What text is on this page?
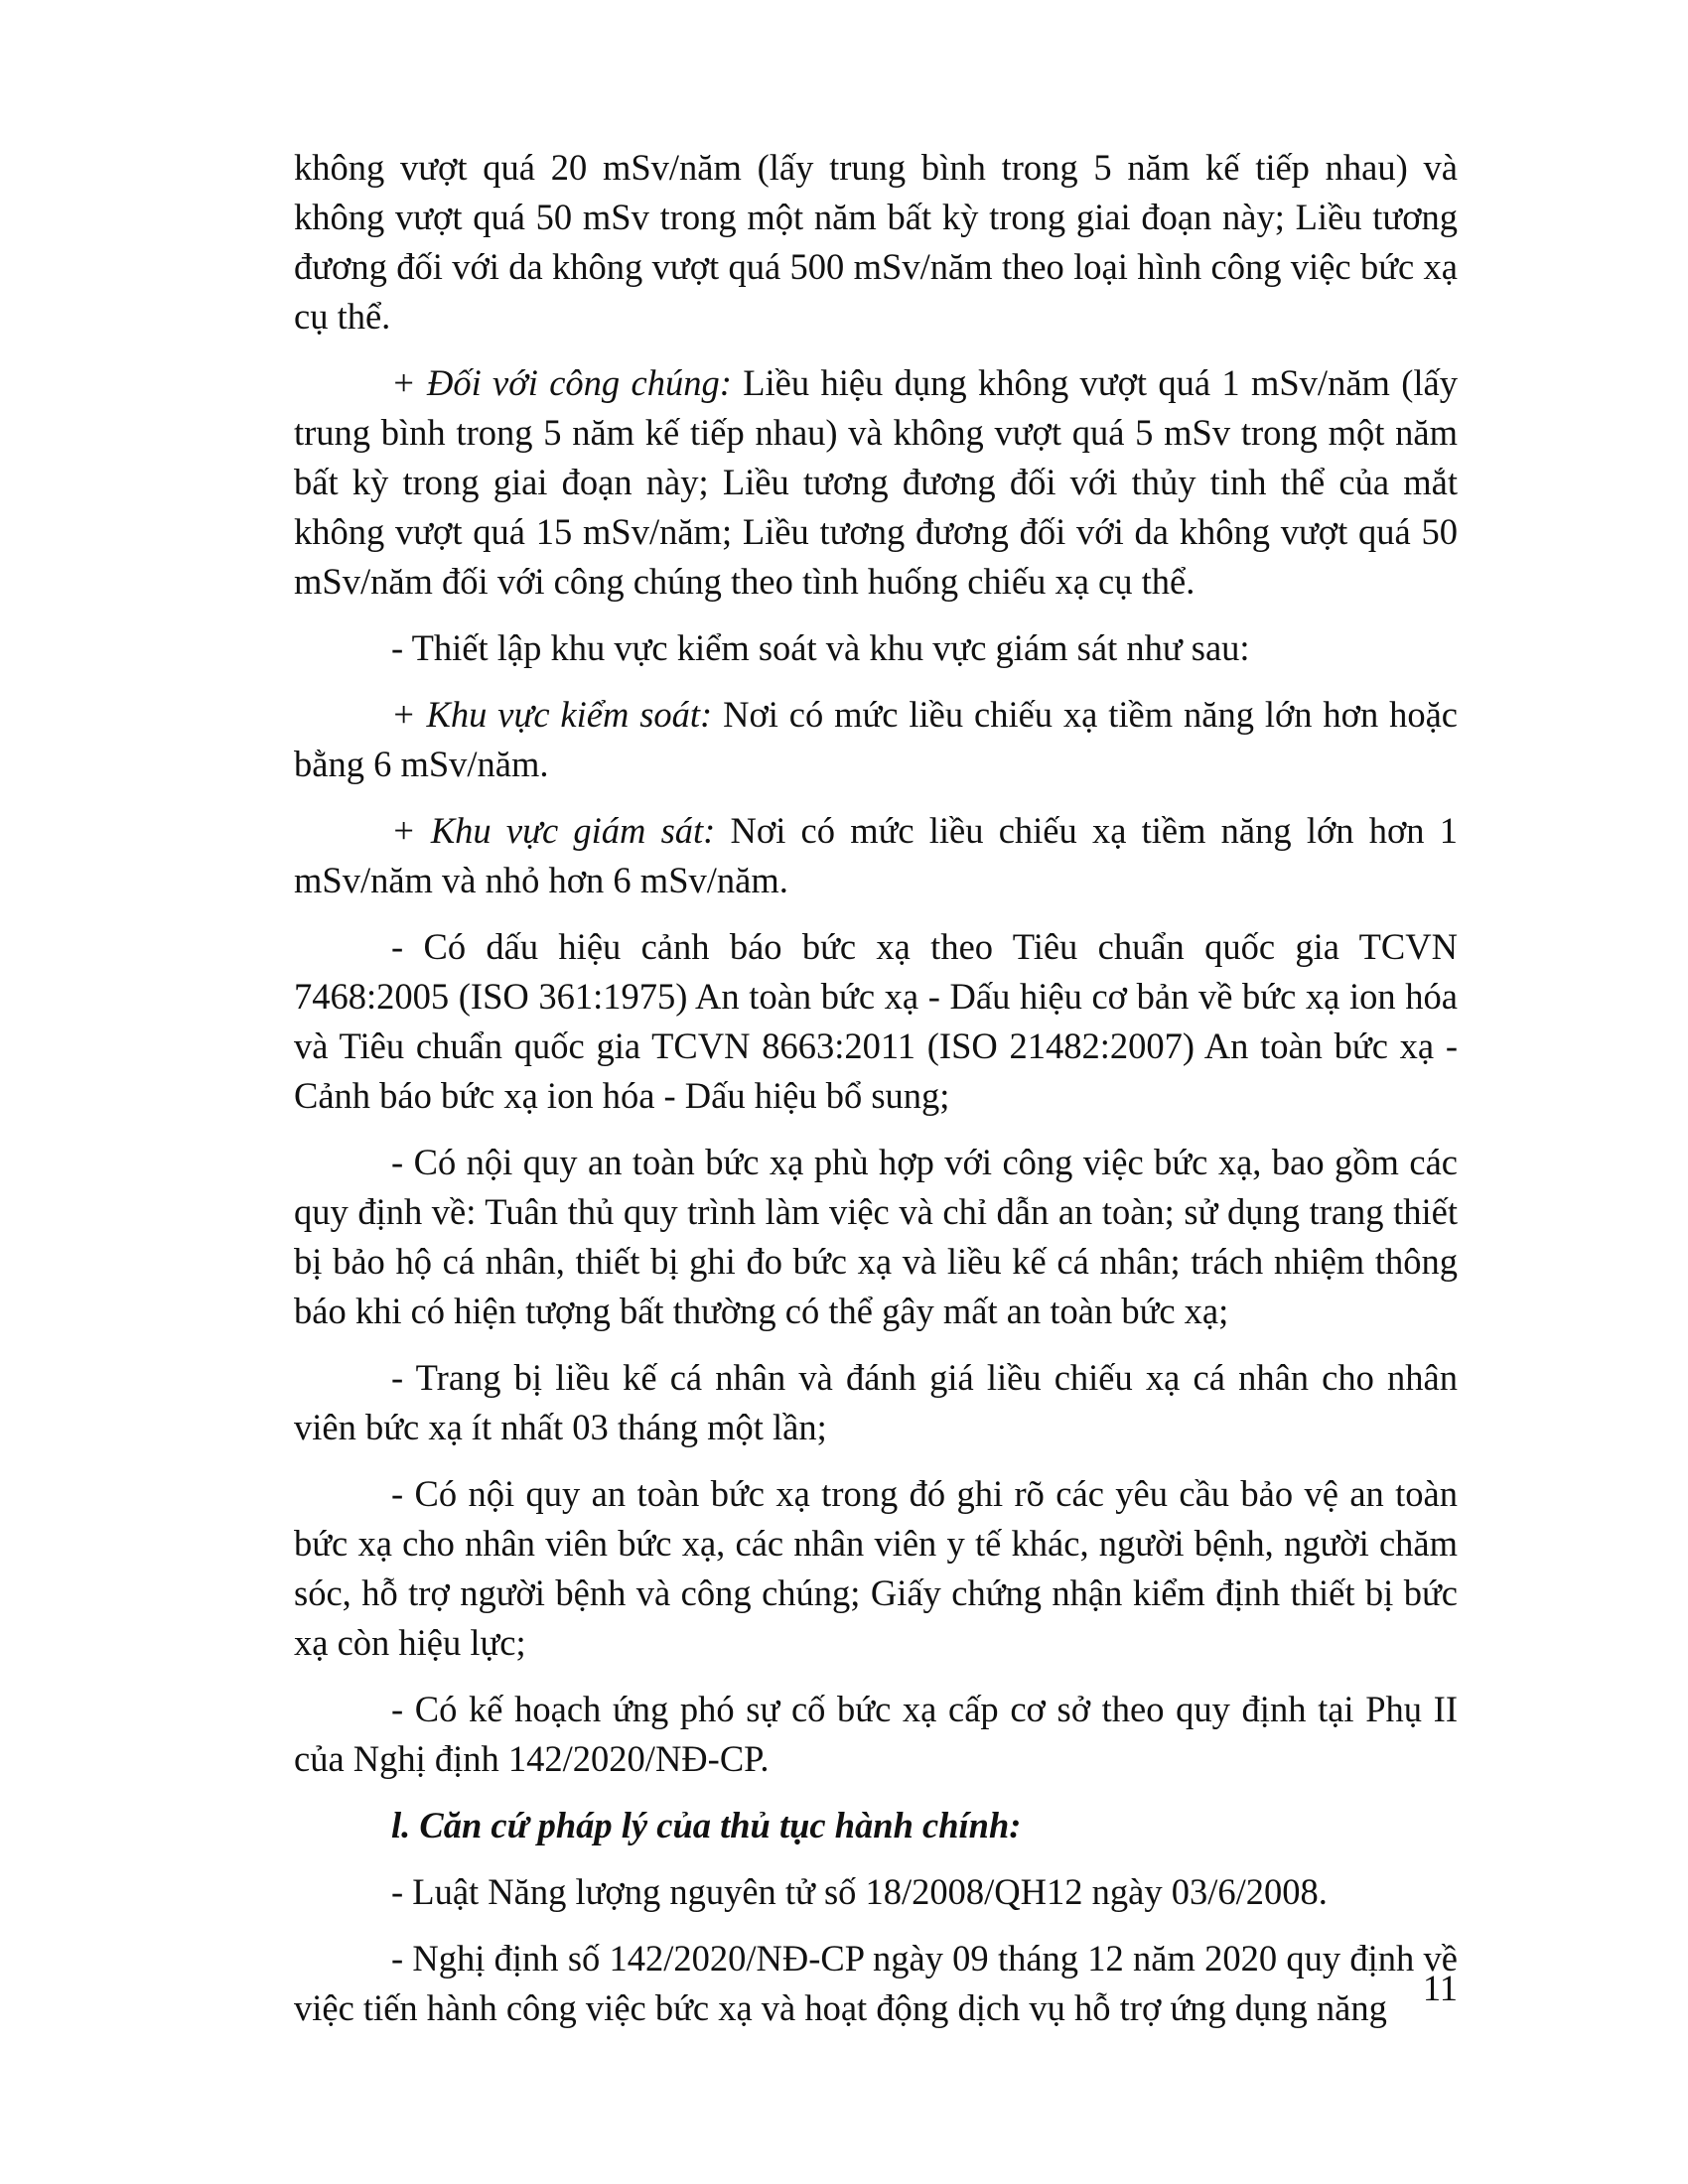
không vượt quá 20 mSv/năm (lấy trung bình trong 5 năm kế tiếp nhau) và không vượt quá 50 mSv trong một năm bất kỳ trong giai đoạn này; Liều tương đương đối với da không vượt quá 500 mSv/năm theo loại hình công việc bức xạ cụ thể.

+ Đối với công chúng: Liều hiệu dụng không vượt quá 1 mSv/năm (lấy trung bình trong 5 năm kế tiếp nhau) và không vượt quá 5 mSv trong một năm bất kỳ trong giai đoạn này; Liều tương đương đối với thủy tinh thể của mắt không vượt quá 15 mSv/năm; Liều tương đương đối với da không vượt quá 50 mSv/năm đối với công chúng theo tình huống chiếu xạ cụ thể.

- Thiết lập khu vực kiểm soát và khu vực giám sát như sau:

+ Khu vực kiểm soát: Nơi có mức liều chiếu xạ tiềm năng lớn hơn hoặc bằng 6 mSv/năm.

+ Khu vực giám sát: Nơi có mức liều chiếu xạ tiềm năng lớn hơn 1 mSv/năm và nhỏ hơn 6 mSv/năm.

- Có dấu hiệu cảnh báo bức xạ theo Tiêu chuẩn quốc gia TCVN 7468:2005 (ISO 361:1975) An toàn bức xạ - Dấu hiệu cơ bản về bức xạ ion hóa và Tiêu chuẩn quốc gia TCVN 8663:2011 (ISO 21482:2007) An toàn bức xạ - Cảnh báo bức xạ ion hóa - Dấu hiệu bổ sung;

- Có nội quy an toàn bức xạ phù hợp với công việc bức xạ, bao gồm các quy định về: Tuân thủ quy trình làm việc và chỉ dẫn an toàn; sử dụng trang thiết bị bảo hộ cá nhân, thiết bị ghi đo bức xạ và liều kế cá nhân; trách nhiệm thông báo khi có hiện tượng bất thường có thể gây mất an toàn bức xạ;

- Trang bị liều kế cá nhân và đánh giá liều chiếu xạ cá nhân cho nhân viên bức xạ ít nhất 03 tháng một lần;

- Có nội quy an toàn bức xạ trong đó ghi rõ các yêu cầu bảo vệ an toàn bức xạ cho nhân viên bức xạ, các nhân viên y tế khác, người bệnh, người chăm sóc, hỗ trợ người bệnh và công chúng; Giấy chứng nhận kiểm định thiết bị bức xạ còn hiệu lực;

- Có kế hoạch ứng phó sự cố bức xạ cấp cơ sở theo quy định tại Phụ II của Nghị định 142/2020/NĐ-CP.

l. Căn cứ pháp lý của thủ tục hành chính:

- Luật Năng lượng nguyên tử số 18/2008/QH12 ngày 03/6/2008.

- Nghị định số 142/2020/NĐ-CP ngày 09 tháng 12 năm 2020 quy định về việc tiến hành công việc bức xạ và hoạt động dịch vụ hỗ trợ ứng dụng năng 11
